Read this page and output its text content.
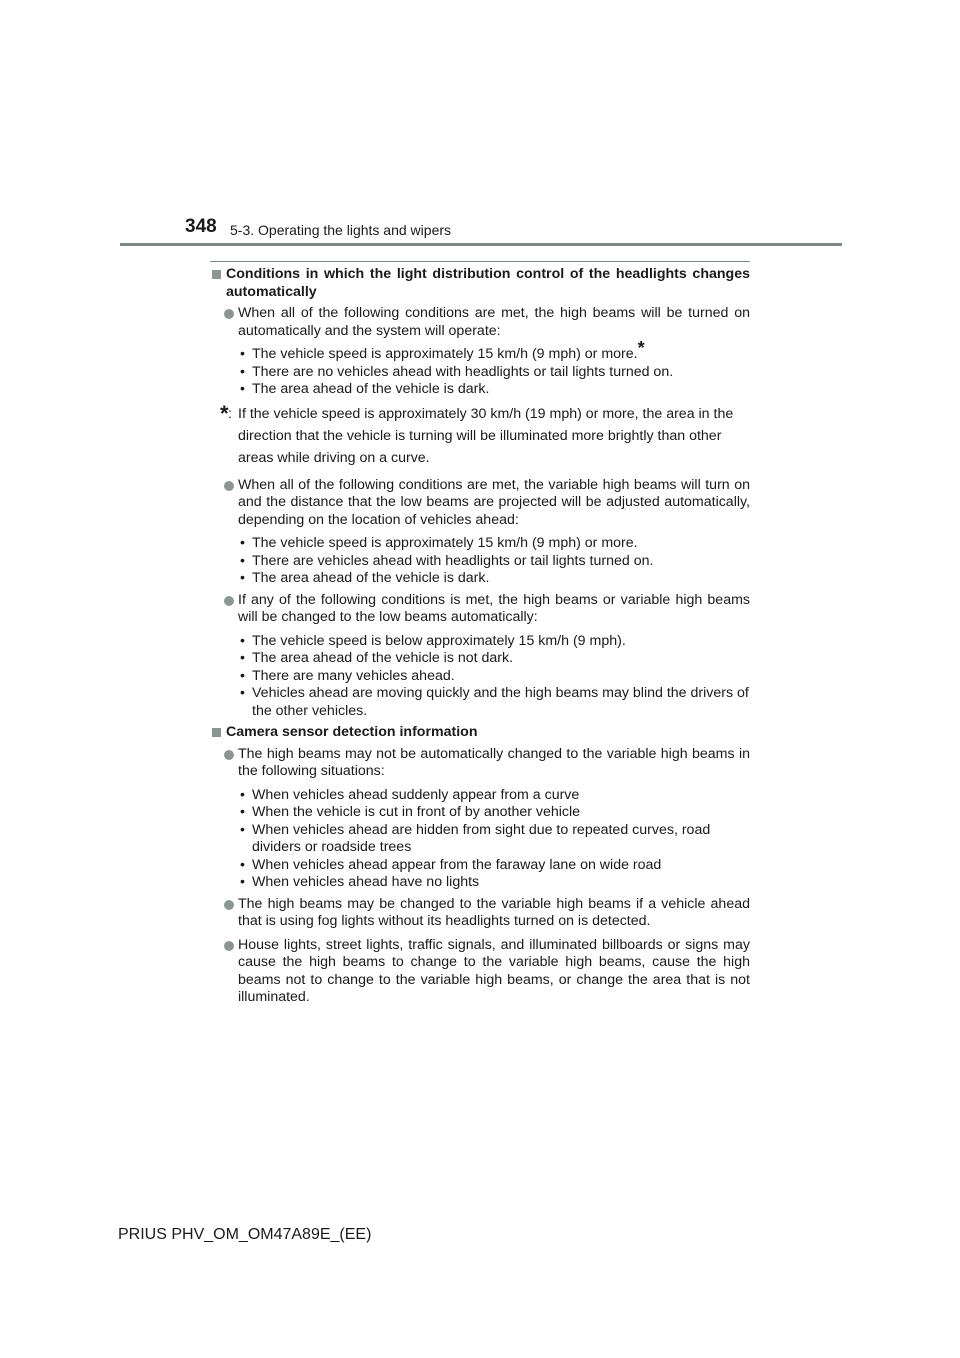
348 5-3. Operating the lights and wipers
Conditions in which the light distribution control of the headlights changes automatically
When all of the following conditions are met, the high beams will be turned on automatically and the system will operate:
• The vehicle speed is approximately 15 km/h (9 mph) or more.*
• There are no vehicles ahead with headlights or tail lights turned on.
• The area ahead of the vehicle is dark.
* : If the vehicle speed is approximately 30 km/h (19 mph) or more, the area in the direction that the vehicle is turning will be illuminated more brightly than other areas while driving on a curve.
When all of the following conditions are met, the variable high beams will turn on and the distance that the low beams are projected will be adjusted automatically, depending on the location of vehicles ahead:
• The vehicle speed is approximately 15 km/h (9 mph) or more.
• There are vehicles ahead with headlights or tail lights turned on.
• The area ahead of the vehicle is dark.
If any of the following conditions is met, the high beams or variable high beams will be changed to the low beams automatically:
• The vehicle speed is below approximately 15 km/h (9 mph).
• The area ahead of the vehicle is not dark.
• There are many vehicles ahead.
• Vehicles ahead are moving quickly and the high beams may blind the drivers of the other vehicles.
Camera sensor detection information
The high beams may not be automatically changed to the variable high beams in the following situations:
• When vehicles ahead suddenly appear from a curve
• When the vehicle is cut in front of by another vehicle
• When vehicles ahead are hidden from sight due to repeated curves, road dividers or roadside trees
• When vehicles ahead appear from the faraway lane on wide road
• When vehicles ahead have no lights
The high beams may be changed to the variable high beams if a vehicle ahead that is using fog lights without its headlights turned on is detected.
House lights, street lights, traffic signals, and illuminated billboards or signs may cause the high beams to change to the variable high beams, cause the high beams not to change to the variable high beams, or change the area that is not illuminated.
PRIUS PHV_OM_OM47A89E_(EE)
